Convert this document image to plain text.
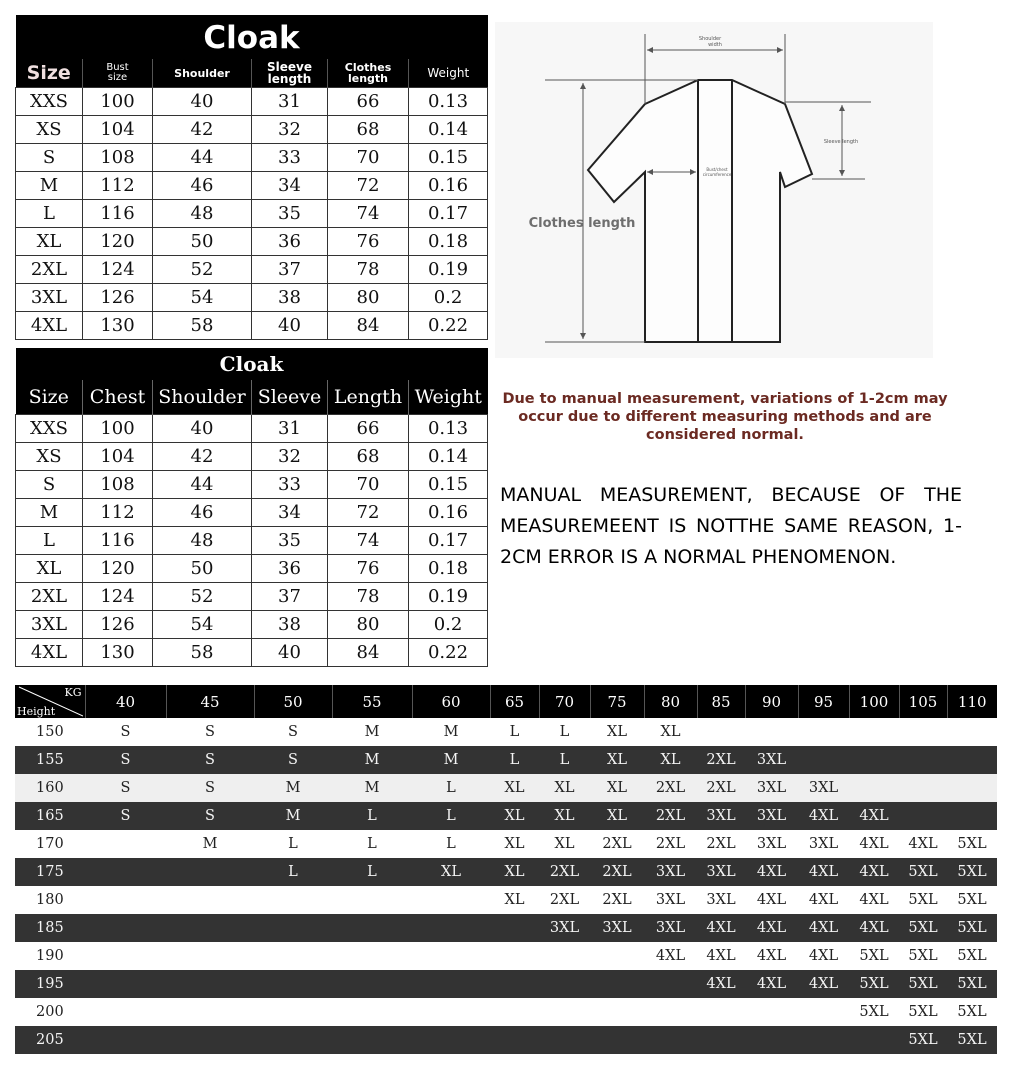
Cloak					
Size	Bust size	Shoulder	Sleeve length	Clothes length	Weight
XXS	100	40	31	66	0.13
XS	104	42	32	68	0.14
S	108	44	33	70	0.15
M	112	46	34	72	0.16
L	116	48	35	74	0.17
XL	120	50	36	76	0.18
2XL	124	52	37	78	0.19
3XL	126	54	38	80	0.2
4XL	130	58	40	84	0.22
Shoulder
width
Sleeve length
Bust/chest
circumference
Clothes length
Due to manual measurement, variations of 1-2cm may occur due to different measuring methods and are considered normal.
MANUAL MEASUREMENT, BECAUSE OF THE MEASUREMEENT IS NOTTHE SAME REASON, 1-2CM ERROR IS A NORMAL PHENOMENON.
Cloak					
Size	Chest	Shoulder	Sleeve	Length	Weight
XXS	100	40	31	66	0.13
XS	104	42	32	68	0.14
S	108	44	33	70	0.15
M	112	46	34	72	0.16
L	116	48	35	74	0.17
XL	120	50	36	76	0.18
2XL	124	52	37	78	0.19
3XL	126	54	38	80	0.2
4XL	130	58	40	84	0.22
KG
Height	40	45	50	55	60	65	70	75	80	85	90	95	100	105	110
150	S	S	S	M	M	L	L	XL	XL						
155	S	S	S	M	M	L	L	XL	XL	2XL	3XL				
160	S	S	M	M	L	XL	XL	XL	2XL	2XL	3XL	3XL			
165	S	S	M	L	L	XL	XL	XL	2XL	3XL	3XL	4XL	4XL		
170		M	L	L	L	XL	XL	2XL	2XL	2XL	3XL	3XL	4XL	4XL	5XL
175			L	L	XL	XL	2XL	2XL	3XL	3XL	4XL	4XL	4XL	5XL	5XL
180						XL	2XL	2XL	3XL	3XL	4XL	4XL	4XL	5XL	5XL
185							3XL	3XL	3XL	4XL	4XL	4XL	4XL	5XL	5XL
190									4XL	4XL	4XL	4XL	5XL	5XL	5XL
195										4XL	4XL	4XL	5XL	5XL	5XL
200													5XL	5XL	5XL
205														5XL	5XL
